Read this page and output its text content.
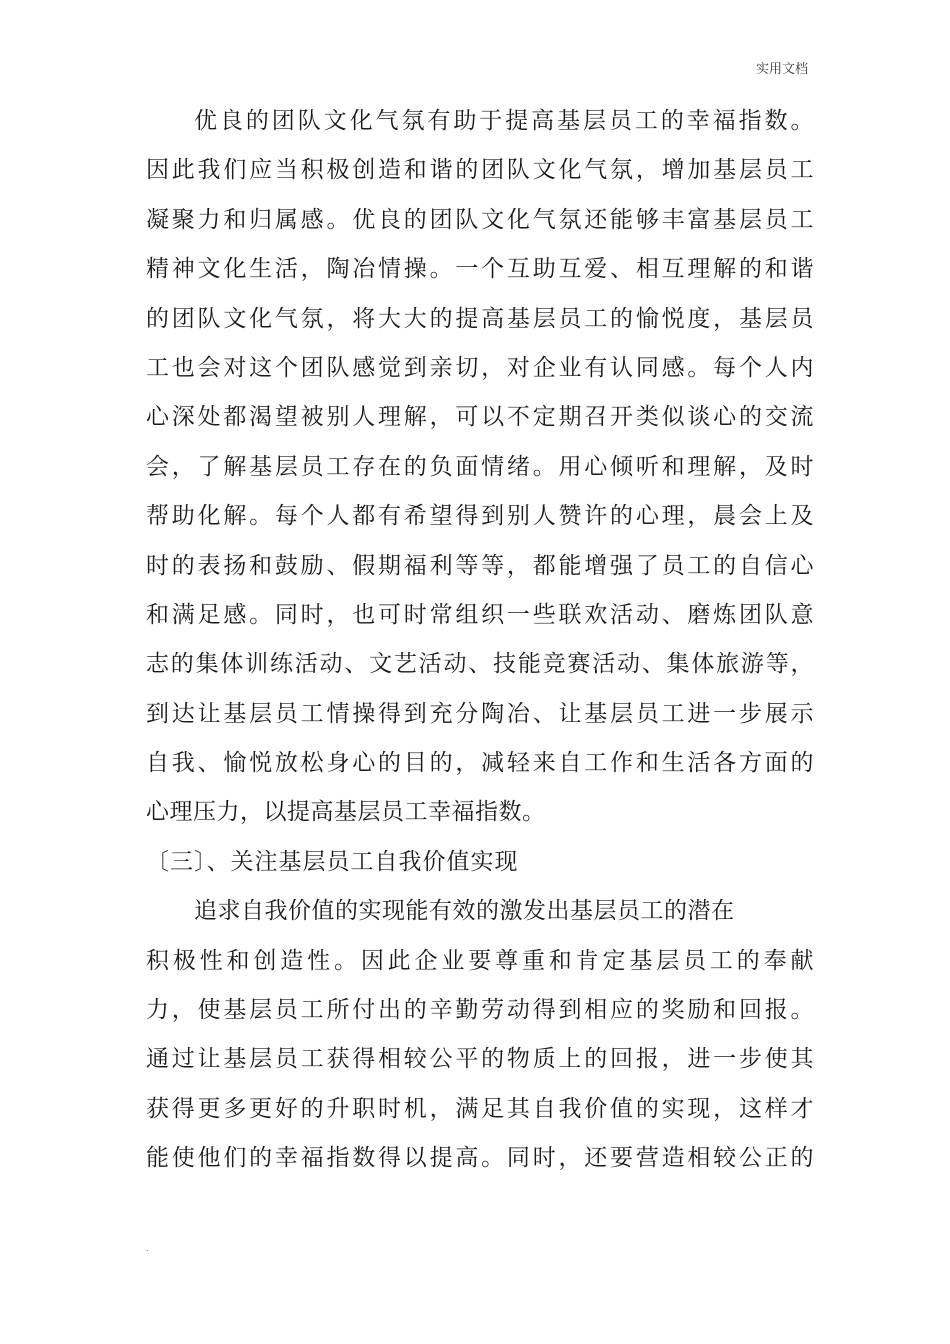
实用文档
优良的团队文化气氛有助于提高基层员工的幸福指数。
因此我们应当积极创造和谐的团队文化气氛，增加基层员工
凝聚力和归属感。优良的团队文化气氛还能够丰富基层员工
精神文化生活，陶冶情操。一个互助互爱、相互理解的和谐
的团队文化气氛，将大大的提高基层员工的愉悦度，基层员
工也会对这个团队感觉到亲切，对企业有认同感。每个人内
心深处都渴望被别人理解，可以不定期召开类似谈心的交流
会，了解基层员工存在的负面情绪。用心倾听和理解，及时
帮助化解。每个人都有希望得到别人赞许的心理，晨会上及
时的表扬和鼓励、假期福利等等，都能增强了员工的自信心
和满足感。同时，也可时常组织一些联欢活动、磨炼团队意
志的集体训练活动、文艺活动、技能竞赛活动、集体旅游等，
到达让基层员工情操得到充分陶冶、让基层员工进一步展示
自我、愉悦放松身心的目的，减轻来自工作和生活各方面的
心理压力，以提高基层员工幸福指数。
〔三〕、关注基层员工自我价值实现
追求自我价值的实现能有效的激发出基层员工的潜在
积极性和创造性。因此企业要尊重和肯定基层员工的奉献
力，使基层员工所付出的辛勤劳动得到相应的奖励和回报。
通过让基层员工获得相较公平的物质上的回报，进一步使其
获得更多更好的升职时机，满足其自我价值的实现，这样才
能使他们的幸福指数得以提高。同时，还要营造相较公正的
.
